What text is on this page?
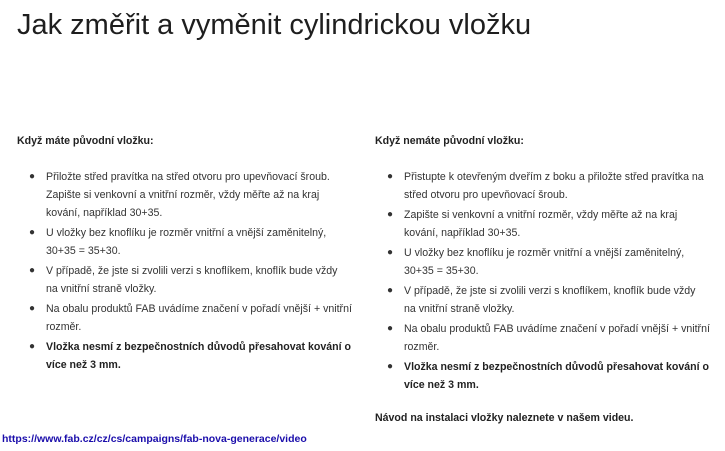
Jak změřit a vyměnit cylindrickou vložku
Když máte původní vložku:
● Přiložte střed pravítka na střed otvoru pro upevňovací šroub. Zapište si venkovní a vnitřní rozměr, vždy měřte až na kraj kování, například 30+35.
● U vložky bez knoflíku je rozměr vnitřní a vnější zaměnitelný, 30+35 = 35+30.
● V případě, že jste si zvolili verzi s knoflíkem, knoflík bude vždy na vnitřní straně vložky.
● Na obalu produktů FAB uvádíme značení v pořadí vnější + vnitřní rozměr.
● Vložka nesmí z bezpečnostních důvodů přesahovat kování o více než 3 mm.
Když nemáte původní vložku:
● Přistupte k otevřeným dveřím z boku a přiložte střed pravítka na střed otvoru pro upevňovací šroub.
● Zapište si venkovní a vnitřní rozměr, vždy měřte až na kraj kování, například 30+35.
● U vložky bez knoflíku je rozměr vnitřní a vnější zaměnitelný, 30+35 = 35+30.
● V případě, že jste si zvolili verzi s knoflíkem, knoflík bude vždy na vnitřní straně vložky.
● Na obalu produktů FAB uvádíme značení v pořadí vnější + vnitřní rozměr.
● Vložka nesmí z bezpečnostních důvodů přesahovat kování o více než 3 mm.
Návod na instalaci vložky naleznete v našem videu.
https://www.fab.cz/cz/cs/campaigns/fab-nova-generace/video
